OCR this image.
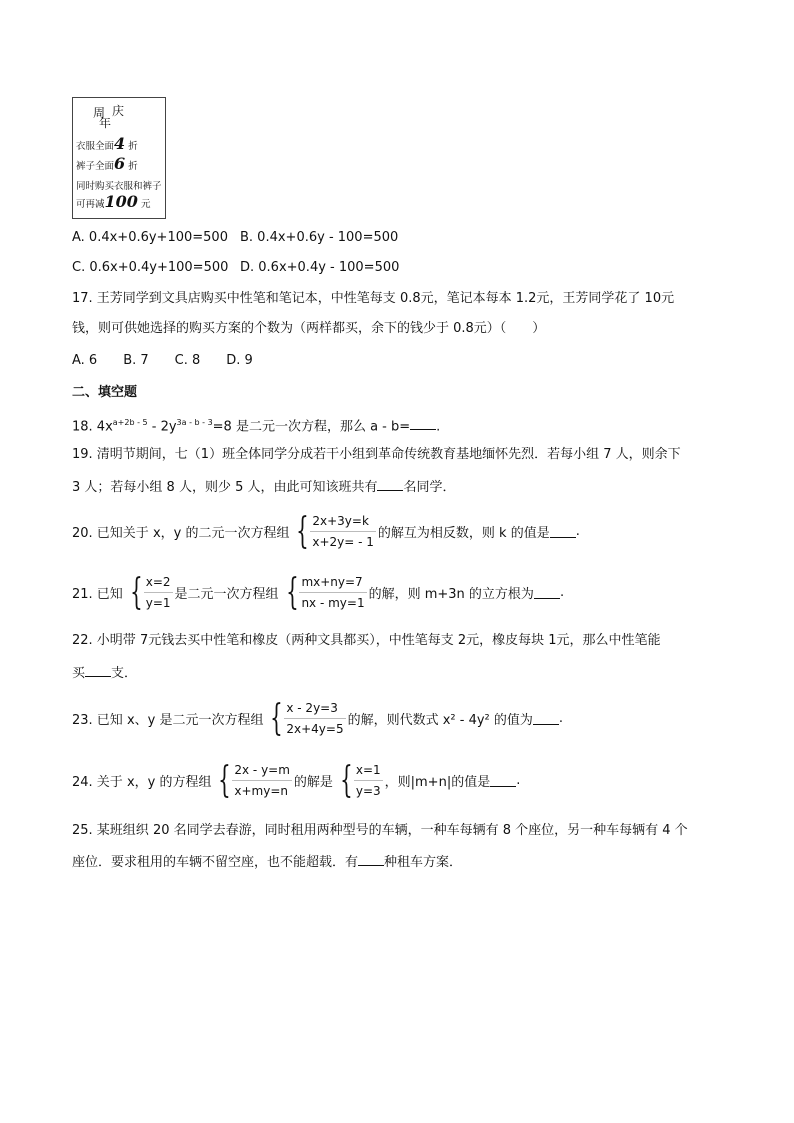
周 庆
年
衣服全面4 折
裤子全面6 折
同时购买衣服和裤子
可再减100 元
A. 0.4x+0.6y+100=500 B. 0.4x+0.6y - 100=500
C. 0.6x+0.4y+100=500 D. 0.6x+0.4y - 100=500
17. 王芳同学到文具店购买中性笔和笔记本，中性笔每支 0.8元，笔记本每本 1.2元，王芳同学花了 10元
钱，则可供她选择的购买方案的个数为（两样都买，余下的钱少于 0.8元）（　　）
A. 6　　B. 7　　C. 8　　D. 9
二、填空题
18. $4x^{a+2b - 5} - 2y^{3a - b - 3}=8$ 是二元一次方程，那么 a - b= .
19. 清明节期间，七（1）班全体同学分成若干小组到革命传统教育基地缅怀先烈．若每小组 7 人，则余下
3 人；若每小组 8 人，则少 5 人，由此可知该班共有 名同学．
20. 已知关于 x，y 的二元一次方程组 { 2x+3y=k
x+2y= - 1
的解互为相反数，则 k 的值是 .
21. 已知 { x=2
y=1
是二元一次方程组 { mx+ny=7
nx - my=1
的解，则 m+3n 的立方根为 .
22. 小明带 7元钱去买中性笔和橡皮（两种文具都买），中性笔每支 2元，橡皮每块 1元，那么中性笔能
买 支．
23. 已知 x、y 是二元一次方程组 { x - 2y=3
2x+4y=5
的解，则代数式 x² - 4y² 的值为 .
24. 关于 x，y 的方程组 { 2x - y=m
x+my=n
的解是 { x=1
y=3
，则|m+n|的值是 .
25. 某班组织 20 名同学去春游，同时租用两种型号的车辆，一种车每辆有 8 个座位，另一种车每辆有 4 个
座位．要求租用的车辆不留空座，也不能超载．有 种租车方案．
